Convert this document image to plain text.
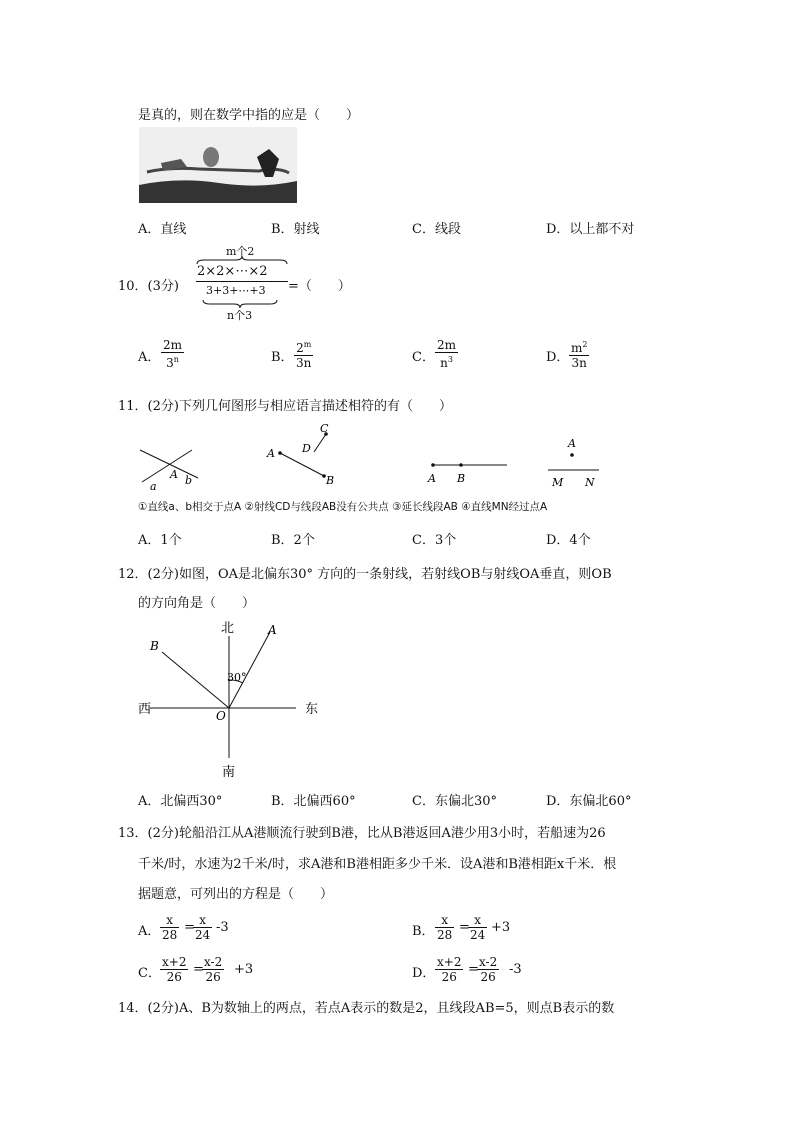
是真的，则在数学中指的应是（　　）
A．直线	B．射线	C．线段	D．以上都不对
10．(3分)
m个2
2×2×⋯×2
3+3+⋯+3
n个3
=（　　）
A． $\frac{2m}{3^n}$	B． $\frac{2^m}{3n}$	C． $\frac{2m}{n^3}$	D． $\frac{m^2}{3n}$
11．(2分)下列几何图形与相应语言描述相符的有（　　）
a
A b
A D
C
B	A B
A
M N
①直线a、b相交于点A ②射线CD与线段AB没有公共点 ③延长线段AB ④直线MN经过点A
A．1个	B．2个	C．3个	D．4个
12．(2分)如图，OA是北偏东30° 方向的一条射线，若射线OB与射线OA垂直，则OB
的方向角是（　　）
北
南
东
西	O
A
B
30°
A．北偏西30°	B．北偏西60°	C．东偏北30°	D．东偏北60°
13．(2分)轮船沿江从A港顺流行驶到B港，比从B港返回A港少用3小时，若船速为26
千米/时，水速为2千米/时，求A港和B港相距多少千米．设A港和B港相距x千米．根
据题意，可列出的方程是（　　）
A． $\frac{x}{28}$ =
$\frac{x}{24} -3$	B． $\frac{x}{28}$ =
$\frac{x}{24} +3$
C． $\frac{x+2}{26}$ =
$\frac{x-2}{26} +3$	D． $\frac{x+2}{26}$ =
$\frac{x-2}{26} -3$
14．(2分)A、B为数轴上的两点，若点A表示的数是2，且线段AB=5，则点B表示的数
